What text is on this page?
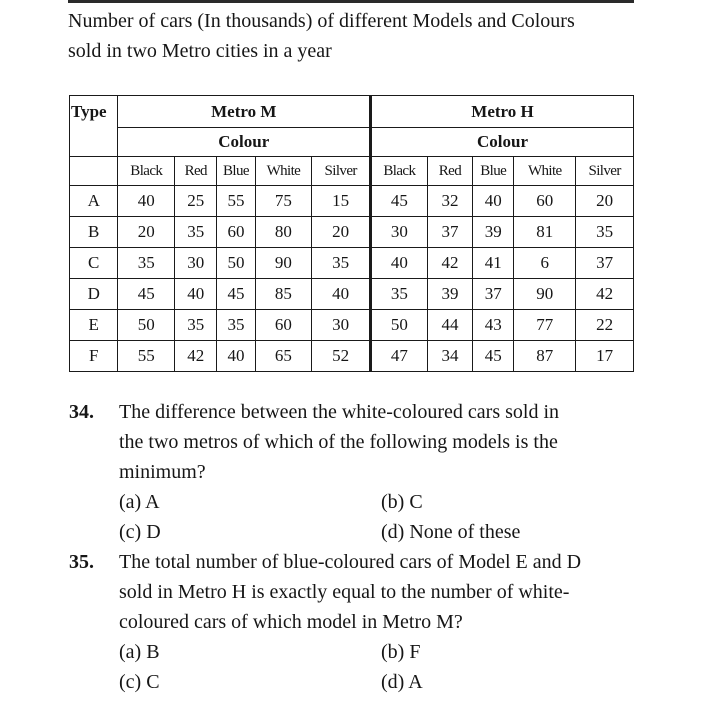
Number of cars (In thousands) of different Models and Colours
sold in two Metro cities in a year
Type	Metro M					Metro H				
	Colour					Colour				
	Black	Red	Blue	White	Silver	Black	Red	Blue	White	Silver
A	40	25	55	75	15	45	32	40	60	20
B	20	35	60	80	20	30	37	39	81	35
C	35	30	50	90	35	40	42	41	6	37
D	45	40	45	85	40	35	39	37	90	42
E	50	35	35	60	30	50	44	43	77	22
F	55	42	40	65	52	47	34	45	87	17
34. The difference between the white-coloured cars sold in
the two metros of which of the following models is the
minimum?
(a) A	(b) C
(c) D	(d) None of these
35. The total number of blue-coloured cars of Model E and D
sold in Metro H is exactly equal to the number of white-
coloured cars of which model in Metro M?
(a) B	(b) F
(c) C	(d) A
